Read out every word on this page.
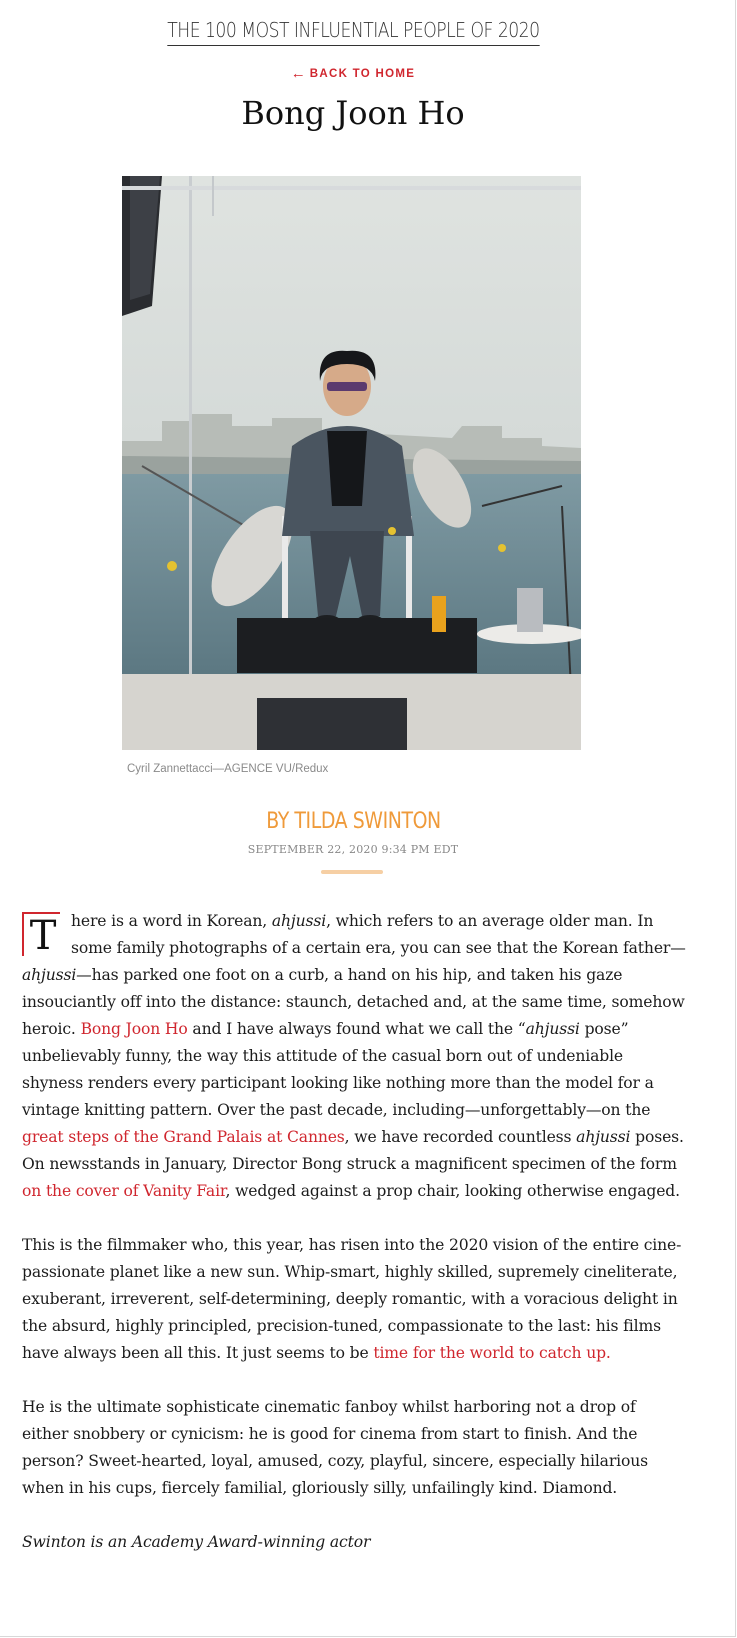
THE 100 MOST INFLUENTIAL PEOPLE OF 2020
← BACK TO HOME
Bong Joon Ho
Cyril Zannettacci—AGENCE VU/Redux
BY TILDA SWINTON
SEPTEMBER 22, 2020 9:34 PM EDT

T here is a word in Korean, ahjussi, which refers to an average older man. In some family photographs of a certain era, you can see that the Korean father—ahjussi—has parked one foot on a curb, a hand on his hip, and taken his gaze insouciantly off into the distance: staunch, detached and, at the same time, somehow heroic. Bong Joon Ho and I have always found what we call the “ahjussi pose” unbelievably funny, the way this attitude of the casual born out of undeniable shyness renders every participant looking like nothing more than the model for a vintage knitting pattern. Over the past decade, including—unforgettably—on the great steps of the Grand Palais at Cannes, we have recorded countless ahjussi poses. On newsstands in January, Director Bong struck a magnificent specimen of the form on the cover of Vanity Fair, wedged against a prop chair, looking otherwise engaged.

This is the filmmaker who, this year, has risen into the 2020 vision of the entire cine-passionate planet like a new sun. Whip-smart, highly skilled, supremely cineliterate, exuberant, irreverent, self-determining, deeply romantic, with a voracious delight in the absurd, highly principled, precision-tuned, compassionate to the last: his films have always been all this. It just seems to be time for the world to catch up.

He is the ultimate sophisticate cinematic fanboy whilst harboring not a drop of either snobbery or cynicism: he is good for cinema from start to finish. And the person? Sweet-hearted, loyal, amused, cozy, playful, sincere, especially hilarious when in his cups, fiercely familial, gloriously silly, unfailingly kind. Diamond.

Swinton is an Academy Award-winning actor
